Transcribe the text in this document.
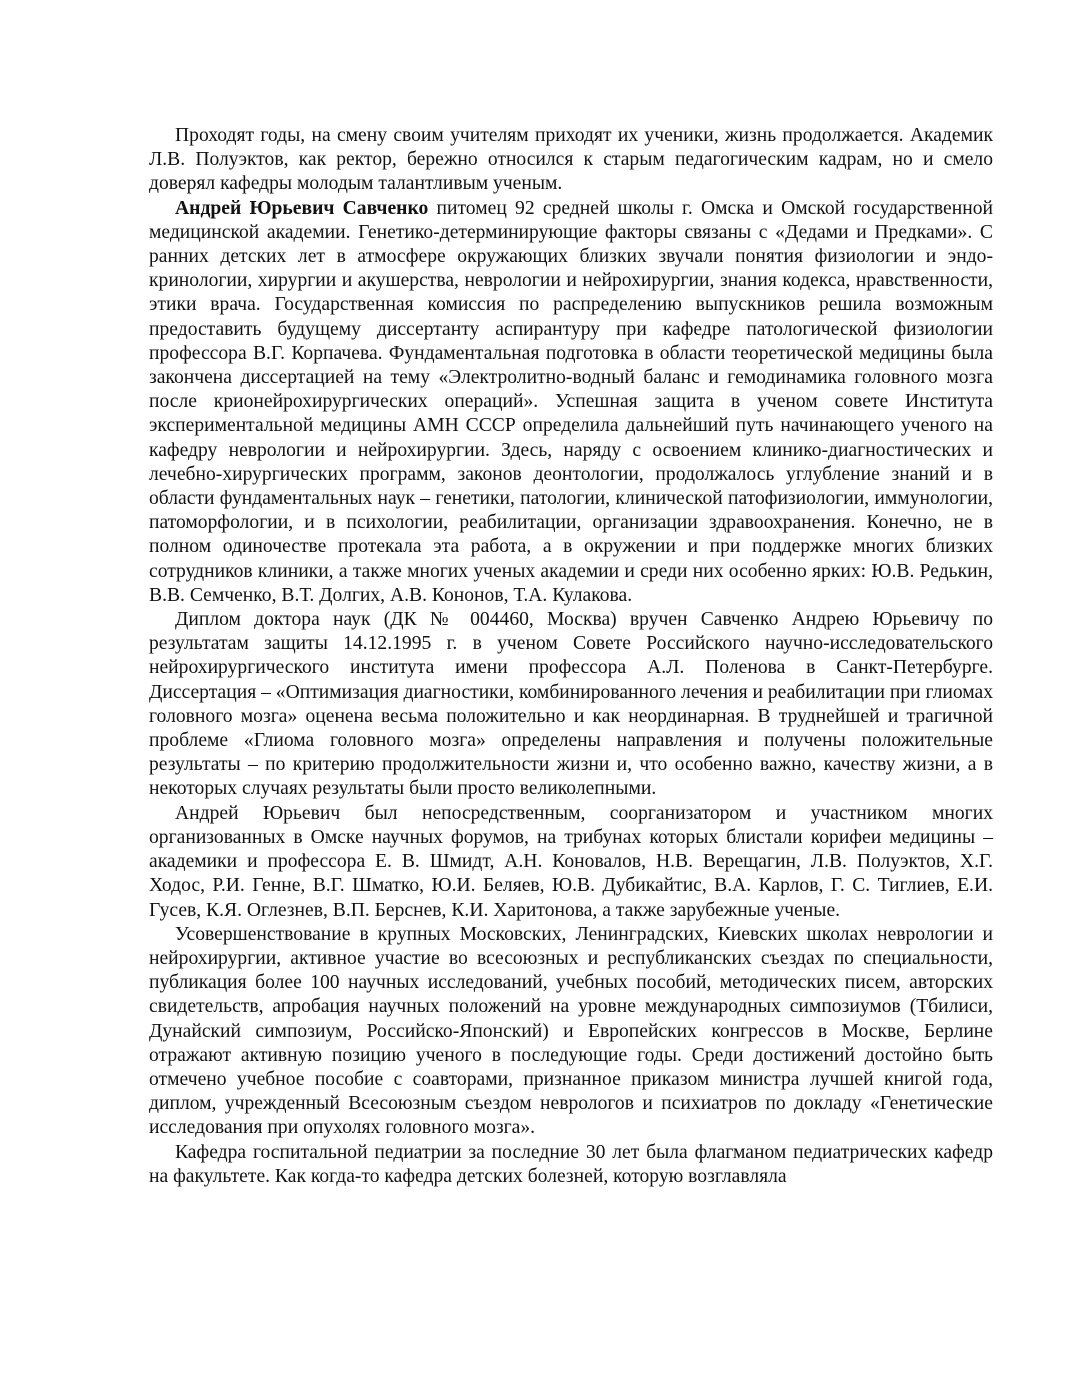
Проходят годы, на смену своим учителям приходят их ученики, жизнь продолжается. Академик Л.В. Полуэктов, как ректор, бережно относился к старым педагогическим кадрам, но и смело доверял кафедры молодым талантливым ученым.

Андрей Юрьевич Савченко питомец 92 средней школы г. Омска и Омской государственной медицинской академии. Генетико-детерминирующие факторы связаны с «Дедами и Предками». С ранних детских лет в атмосфере окружающих близких звучали понятия физиологии и эндо- кринологии, хирургии и акушерства, неврологии и нейрохирургии, знания кодекса, нравственности, этики врача. Государственная комиссия по распределению выпускников решила возможным предоставить будущему диссертанту аспирантуру при кафедре патологической физиологии профессора В.Г. Корпачева. Фундаментальная подготовка в области теоретической медицины была закончена диссертацией на тему «Электролитно-водный баланс и гемодинамика головного мозга после крионейрохирургических операций». Успешная защита в ученом совете Института экспериментальной медицины АМН СССР определила дальнейший путь начинающего ученого на кафедру неврологии и нейрохирургии. Здесь, наряду с освоением клинико-диагностических и лечебно-хирургических программ, законов деонтологии, продолжалось углубление знаний и в области фундаментальных наук – генетики, патологии, клинической патофизиологии, иммунологии, патоморфологии, и в психологии, реабилитации, организации здравоохранения. Конечно, не в полном одиночестве протекала эта работа, а в окружении и при поддержке многих близких сотрудников клиники, а также многих ученых академии и среди них особенно ярких: Ю.В. Редькин, В.В. Семченко, В.Т. Долгих, А.В. Кононов, Т.А. Кулакова.

Диплом доктора наук (ДК № 004460, Москва) вручен Савченко Андрею Юрьевичу по результатам защиты 14.12.1995 г. в ученом Совете Российского научно-исследовательского нейрохирургического института имени профессора А.Л. Поленова в Санкт-Петербурге. Диссертация – «Оптимизация диагностики, комбинированного лечения и реабилитации при глиомах головного мозга» оценена весьма положительно и как неординарная. В труднейшей и трагичной проблеме «Глиома головного мозга» определены направления и получены положительные результаты – по критерию продолжительности жизни и, что особенно важно, качеству жизни, а в некоторых случаях результаты были просто великолепными.

Андрей Юрьевич был непосредственным, соорганизатором и участником многих организованных в Омске научных форумов, на трибунах которых блистали корифеи медицины – академики и профессора Е. В. Шмидт, А.Н. Коновалов, Н.В. Верещагин, Л.В. Полуэктов, Х.Г. Ходос, Р.И. Генне, В.Г. Шматко, Ю.И. Беляев, Ю.В. Дубикайтис, В.А. Карлов, Г. С. Тиглиев, Е.И. Гусев, К.Я. Оглезнев, В.П. Берснев, К.И. Харитонова, а также зарубежные ученые.

Усовершенствование в крупных Московских, Ленинградских, Киевских школах неврологии и нейрохирургии, активное участие во всесоюзных и республиканских съездах по специальности, публикация более 100 научных исследований, учебных пособий, методических писем, авторских свидетельств, апробация научных положений на уровне международных симпозиумов (Тбилиси, Дунайский симпозиум, Российско-Японский) и Европейских конгрессов в Москве, Берлине отражают активную позицию ученого в последующие годы. Среди достижений достойно быть отмечено учебное пособие с соавторами, признанное приказом министра лучшей книгой года, диплом, учрежденный Всесоюзным съездом неврологов и психиатров по докладу «Генетические исследования при опухолях головного мозга».

Кафедра госпитальной педиатрии за последние 30 лет была флагманом педиатрических кафедр на факультете. Как когда-то кафедра детских болезней, которую возглавляла
